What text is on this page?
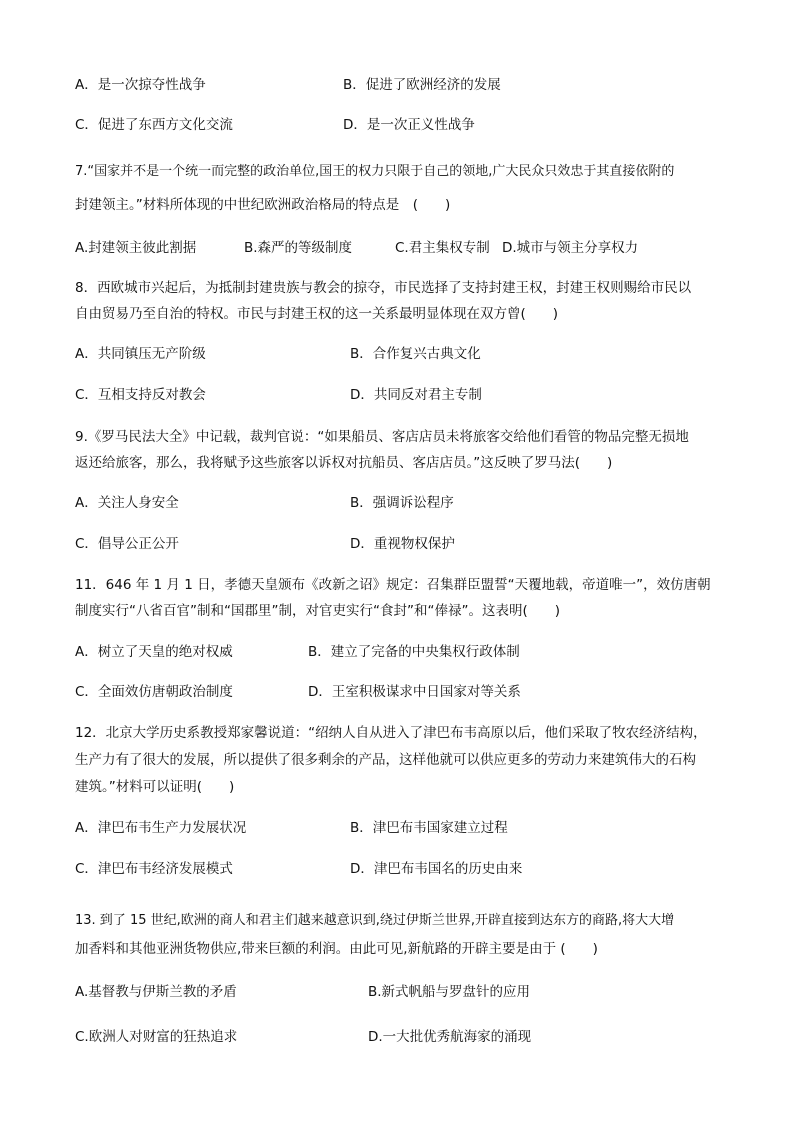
A．是一次掠夺性战争	B．促进了欧洲经济的发展
C．促进了东西方文化交流	D．是一次正义性战争
7.“国家并不是一个统一而完整的政治单位,国王的权力只限于自己的领地,广大民众只效忠于其直接依附的
封建领主。”材料所体现的中世纪欧洲政治格局的特点是　(　　)
A.封建领主彼此割据	B.森严的等级制度	C.君主集权专制 D.城市与领主分享权力
8．西欧城市兴起后，为抵制封建贵族与教会的掠夺，市民选择了支持封建王权，封建王权则赐给市民以
自由贸易乃至自治的特权。市民与封建王权的这一关系最明显体现在双方曾(　　)
A．共同镇压无产阶级	B．合作复兴古典文化
C．互相支持反对教会	D．共同反对君主专制
9.《罗马民法大全》中记载，裁判官说：“如果船员、客店店员未将旅客交给他们看管的物品完整无损地
返还给旅客，那么，我将赋予这些旅客以诉权对抗船员、客店店员。”这反映了罗马法(　　)
A．关注人身安全	B．强调诉讼程序
C．倡导公正公开	D．重视物权保护
11．646 年 1 月 1 日，孝德天皇颁布《改新之诏》规定：召集群臣盟誓“天覆地载，帝道唯一”，效仿唐朝
制度实行“八省百官”制和“国郡里”制，对官吏实行“食封”和“俸禄”。这表明(　　)
A．树立了天皇的绝对权威	B．建立了完备的中央集权行政体制
C．全面效仿唐朝政治制度	D．王室积极谋求中日国家对等关系
12．北京大学历史系教授郑家馨说道：“绍纳人自从进入了津巴布韦高原以后，他们采取了牧农经济结构，
生产力有了很大的发展，所以提供了很多剩余的产品，这样他就可以供应更多的劳动力来建筑伟大的石构
建筑。”材料可以证明(　　)
A．津巴布韦生产力发展状况	B．津巴布韦国家建立过程
C．津巴布韦经济发展模式	D．津巴布韦国名的历史由来
13. 到了 15 世纪,欧洲的商人和君主们越来越意识到,绕过伊斯兰世界,开辟直接到达东方的商路,将大大增
加香料和其他亚洲货物供应,带来巨额的利润。由此可见,新航路的开辟主要是由于 (　　)
A.基督教与伊斯兰教的矛盾	B.新式帆船与罗盘针的应用
C.欧洲人对财富的狂热追求	D.一大批优秀航海家的涌现
